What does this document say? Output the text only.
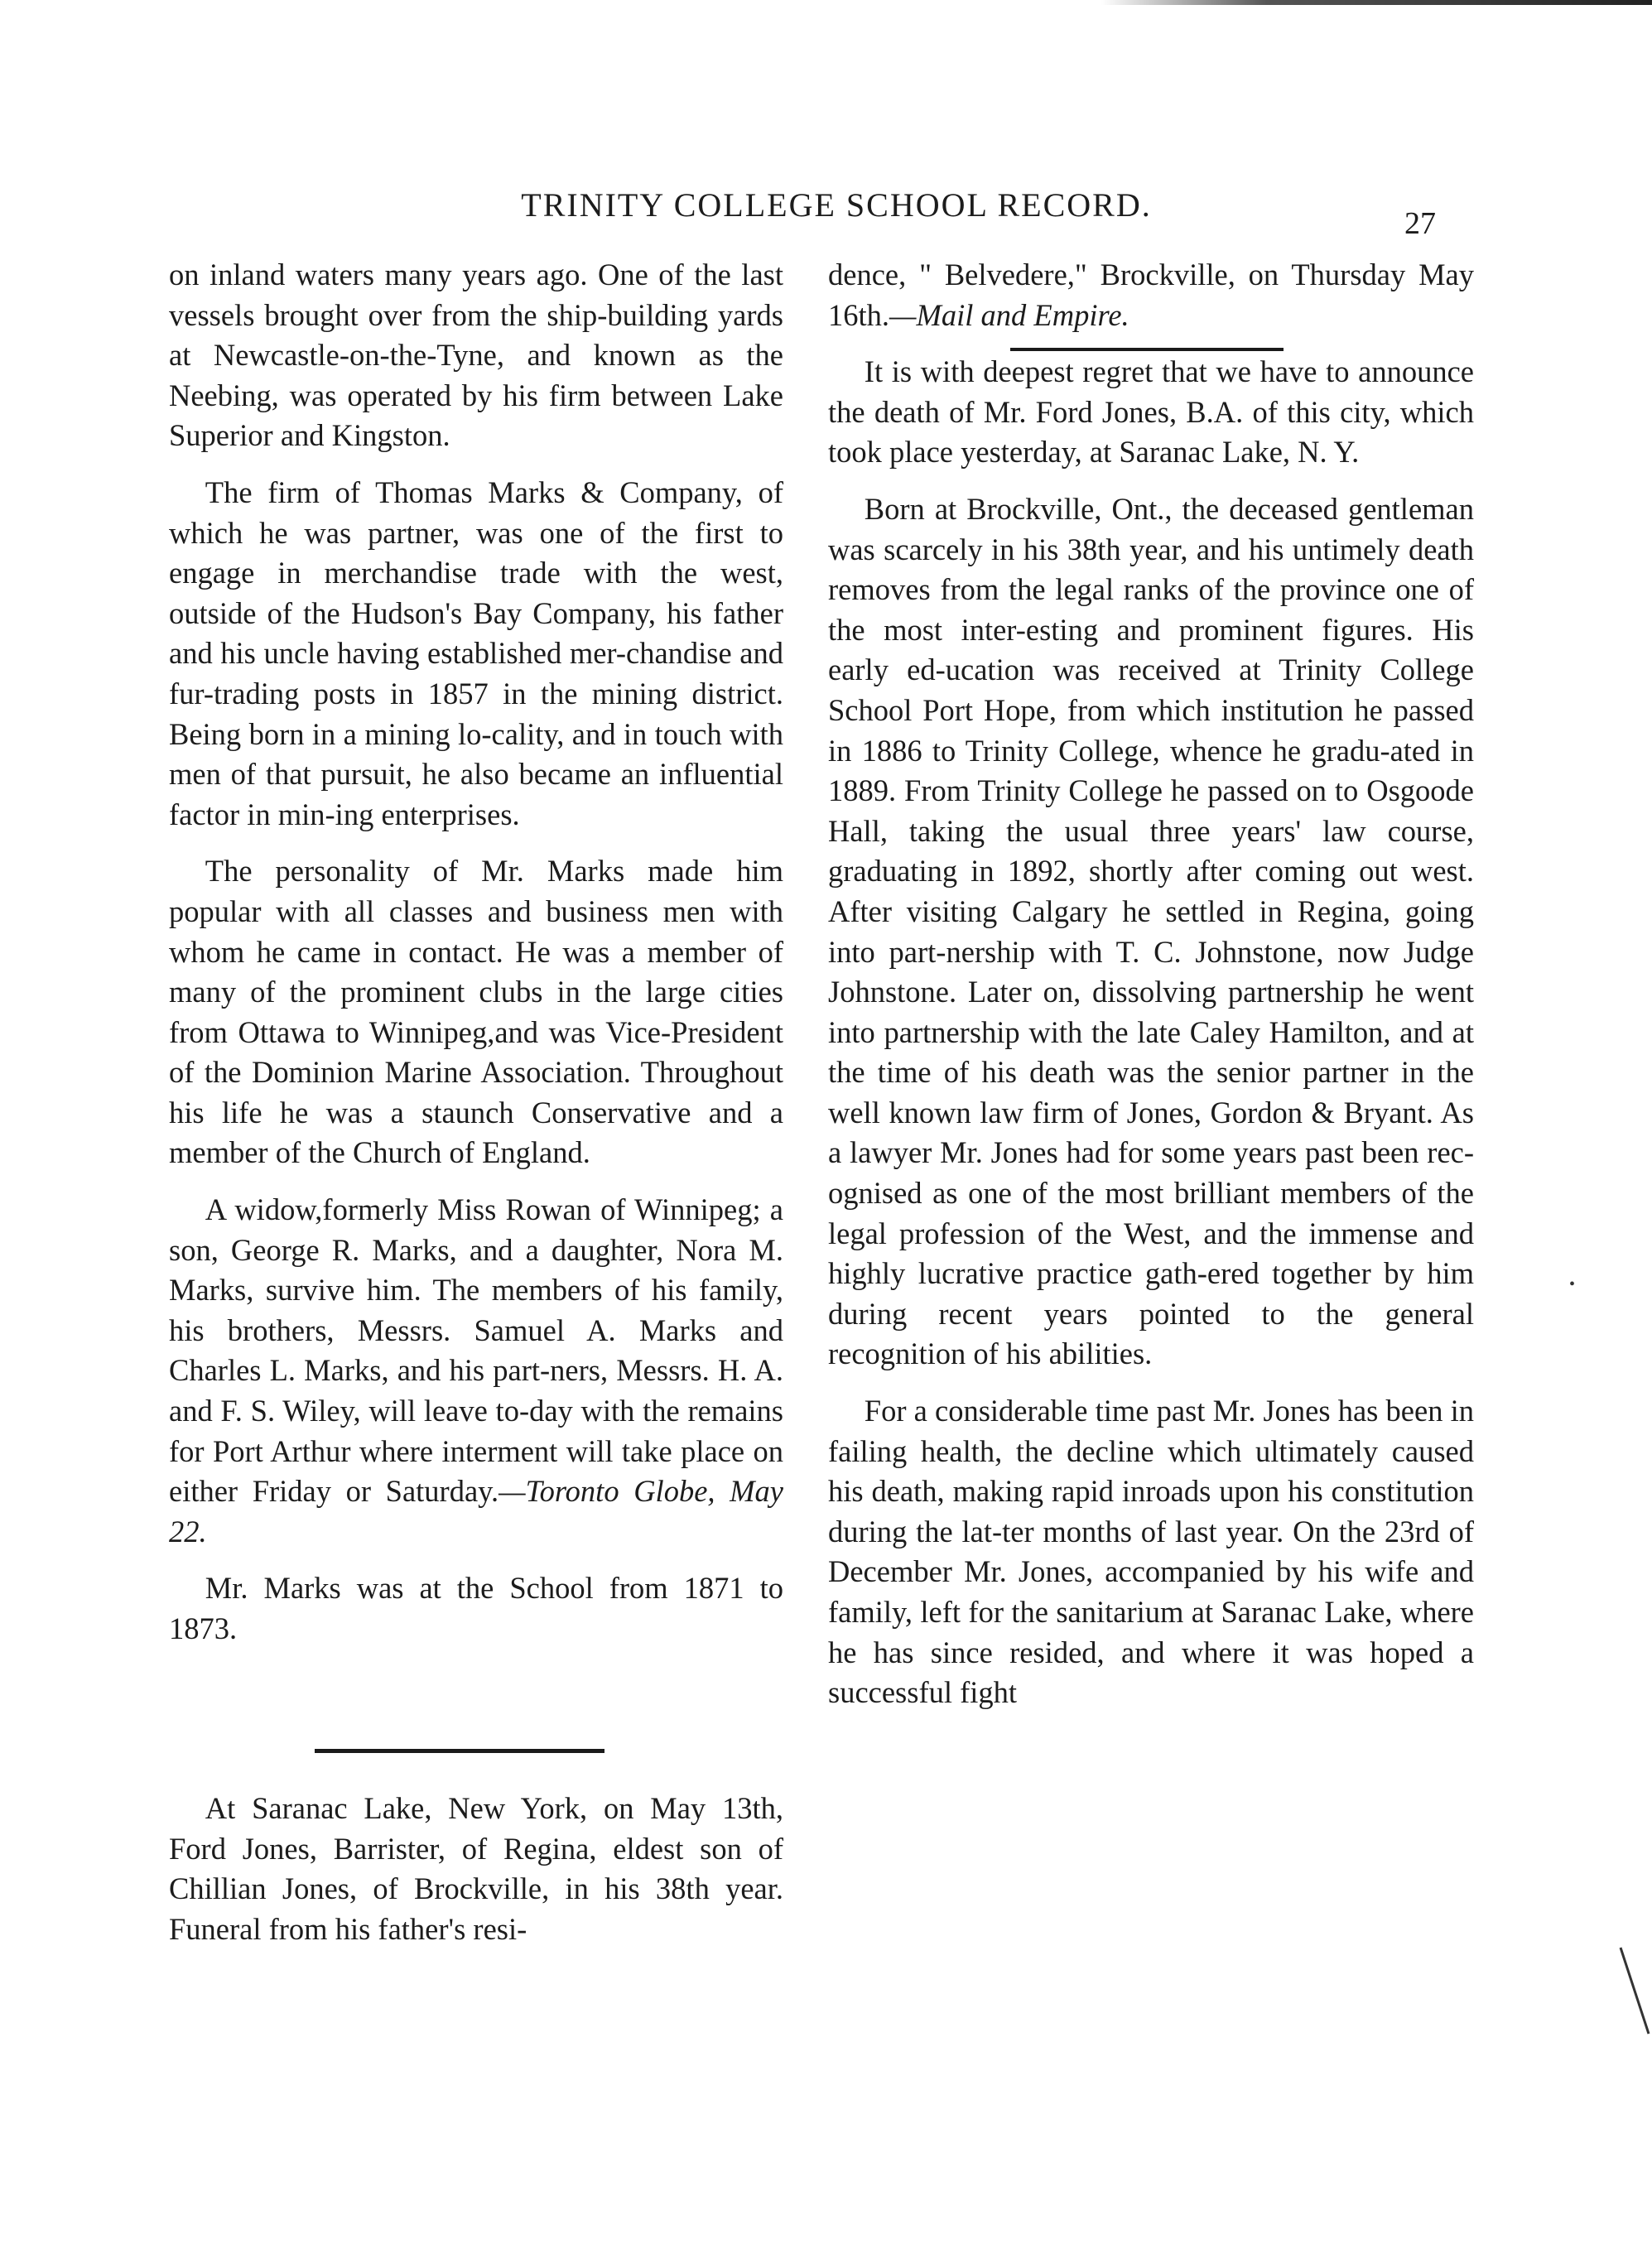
TRINITY COLLEGE SCHOOL RECORD.	27

on inland waters many years ago. One of the last vessels brought over from the ship-building yards at Newcastle-on-the-Tyne, and known as the Neebing, was operated by his firm between Lake Superior and Kingston.

The firm of Thomas Marks & Company, of which he was partner, was one of the first to engage in merchandise trade with the west, outside of the Hudson's Bay Company, his father and his uncle having established mer-chandise and fur-trading posts in 1857 in the mining district. Being born in a mining lo-cality, and in touch with men of that pursuit, he also became an influential factor in min-ing enterprises.

The personality of Mr. Marks made him popular with all classes and business men with whom he came in contact. He was a member of many of the prominent clubs in the large cities from Ottawa to Winnipeg,and was Vice-President of the Dominion Marine Association. Throughout his life he was a staunch Conservative and a member of the Church of England.

A widow,formerly Miss Rowan of Winnipeg; a son, George R. Marks, and a daughter, Nora M. Marks, survive him. The members of his family, his brothers, Messrs. Samuel A. Marks and Charles L. Marks, and his part-ners, Messrs. H. A. and F. S. Wiley, will leave to-day with the remains for Port Arthur where interment will take place on either Friday or Saturday.—Toronto Globe, May 22.

Mr. Marks was at the School from 1871 to 1873.

At Saranac Lake, New York, on May 13th, Ford Jones, Barrister, of Regina, eldest son of Chillian Jones, of Brockville, in his 38th year. Funeral from his father's resi-

dence, " Belvedere," Brockville, on Thursday May 16th.—Mail and Empire.

It is with deepest regret that we have to announce the death of Mr. Ford Jones, B.A. of this city, which took place yesterday, at Saranac Lake, N. Y.

Born at Brockville, Ont., the deceased gentleman was scarcely in his 38th year, and his untimely death removes from the legal ranks of the province one of the most inter-esting and prominent figures. His early ed-ucation was received at Trinity College School Port Hope, from which institution he passed in 1886 to Trinity College, whence he gradu-ated in 1889. From Trinity College he passed on to Osgoode Hall, taking the usual three years' law course, graduating in 1892, shortly after coming out west. After visiting Calgary he settled in Regina, going into part-nership with T. C. Johnstone, now Judge Johnstone. Later on, dissolving partnership he went into partnership with the late Caley Hamilton, and at the time of his death was the senior partner in the well known law firm of Jones, Gordon & Bryant. As a lawyer Mr. Jones had for some years past been rec-ognised as one of the most brilliant members of the legal profession of the West, and the immense and highly lucrative practice gath-ered together by him during recent years pointed to the general recognition of his abilities.

For a considerable time past Mr. Jones has been in failing health, the decline which ultimately caused his death, making rapid inroads upon his constitution during the lat-ter months of last year. On the 23rd of December Mr. Jones, accompanied by his wife and family, left for the sanitarium at Saranac Lake, where he has since resided, and where it was hoped a successful fight

•
